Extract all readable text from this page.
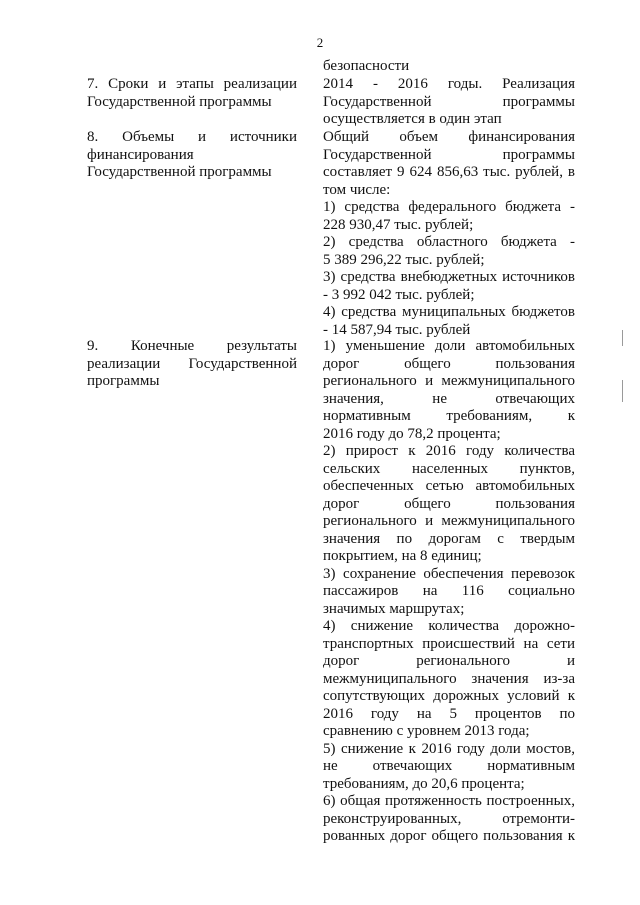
2
безопасности
7. Сроки и этапы реализации
Государственной программы
2014 - 2016 годы. Реализация
Государственной программы
осуществляется в один этап
8. Объемы и источники
финансирования
Государственной программы
Общий объем финансирования
Государственной программы
составляет 9 624 856,63 тыс. рублей, в
том числе:
1) средства федерального бюджета -
228 930,47 тыс. рублей;
2) средства областного бюджета -
5 389 296,22 тыс. рублей;
3) средства внебюджетных источников
- 3 992 042 тыс. рублей;
4) средства муниципальных бюджетов
- 14 587,94 тыс. рублей
9. Конечные результаты
реализации Государственной
программы
1) уменьшение доли автомобильных
дорог общего пользования
регионального и межмуниципального
значения, не отвечающих
нормативным требованиям, к
2016 году до 78,2 процента;
2) прирост к 2016 году количества
сельских населенных пунктов,
обеспеченных сетью автомобильных
дорог общего пользования
регионального и межмуниципального
значения по дорогам с твердым
покрытием, на 8 единиц;
3) сохранение обеспечения перевозок
пассажиров на 116 социально
значимых маршрутах;
4) снижение количества дорожно-
транспортных происшествий на сети
дорог регионального и
межмуниципального значения из-за
сопутствующих дорожных условий к
2016 году на 5 процентов по
сравнению с уровнем 2013 года;
5) снижение к 2016 году доли мостов,
не отвечающих нормативным
требованиям, до 20,6 процента;
6) общая протяженность построенных,
реконструированных, отремонти-
рованных дорог общего пользования к
